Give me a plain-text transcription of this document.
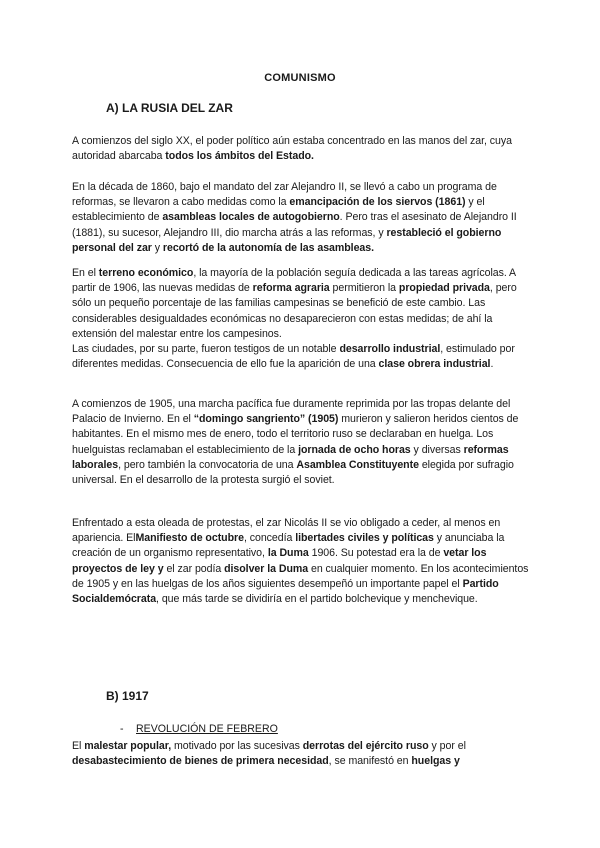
COMUNISMO
A) LA RUSIA DEL ZAR
A comienzos del siglo XX, el poder político aún estaba concentrado en las manos del zar, cuya autoridad abarcaba todos los ámbitos del Estado.
En la década de 1860, bajo el mandato del zar Alejandro II, se llevó a cabo un programa de reformas, se llevaron a cabo medidas como la emancipación de los siervos (1861) y el establecimiento de asambleas locales de autogobierno. Pero tras el asesinato de Alejandro II (1881), su sucesor, Alejandro III, dio marcha atrás a las reformas, y restableció el gobierno personal del zar y recortó de la autonomía de las asambleas.
En el terreno económico, la mayoría de la población seguía dedicada a las tareas agrícolas. A partir de 1906, las nuevas medidas de reforma agraria permitieron la propiedad privada, pero sólo un pequeño porcentaje de las familias campesinas se benefició de este cambio. Las considerables desigualdades económicas no desaparecieron con estas medidas; de ahí la extensión del malestar entre los campesinos.
Las ciudades, por su parte, fueron testigos de un notable desarrollo industrial, estimulado por diferentes medidas. Consecuencia de ello fue la aparición de una clase obrera industrial.
A comienzos de 1905, una marcha pacífica fue duramente reprimida por las tropas delante del Palacio de Invierno. En el “domingo sangriento” (1905) murieron y salieron heridos cientos de habitantes. En el mismo mes de enero, todo el territorio ruso se declaraban en huelga. Los huelguistas reclamaban el establecimiento de la jornada de ocho horas y diversas reformas laborales, pero también la convocatoria de una Asamblea Constituyente elegida por sufragio universal. En el desarrollo de la protesta surgió el soviet.
Enfrentado a esta oleada de protestas, el zar Nicolás II se vio obligado a ceder, al menos en apariencia. ElManifiesto de octubre, concedía libertades civiles y políticas y anunciaba la creación de un organismo representativo, la Duma 1906. Su potestad era la de vetar los proyectos de ley y el zar podía disolver la Duma en cualquier momento. En los acontecimientos de 1905 y en las huelgas de los años siguientes desempeñó un importante papel el Partido Socialdemócrata, que más tarde se dividiría en el partido bolchevique y menchevique.
B) 1917
- REVOLUCIÓN DE FEBRERO
El malestar popular, motivado por las sucesivas derrotas del ejército ruso y por el desabastecimiento de bienes de primera necesidad, se manifestó en huelgas y
